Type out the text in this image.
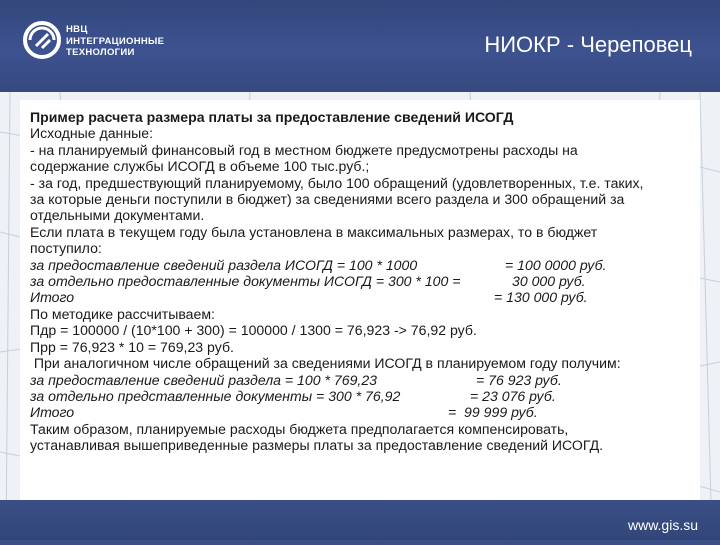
НВЦ
ИНТЕГРАЦИОННЫЕ
ТЕХНОЛОГИИ	НИОКР - Череповец
Пример расчета размера платы за предоставление сведений ИСОГД
Исходные данные:
- на планируемый финансовый год в местном бюджете предусмотрены расходы на
содержание службы ИСОГД в объеме 100 тыс.руб.;
- за год, предшествующий планируемому, было 100 обращений (удовлетворенных, т.е. таких,
за которые деньги поступили в бюджет) за сведениями всего раздела и 300 обращений за
отдельными документами.
Если плата в текущем году была установлена в максимальных размерах, то в бюджет
поступило:
за предоставление сведений раздела ИСОГД = 100 * 1000	= 100 0000 руб.
за отдельно предоставленные документы ИСОГД = 300 * 100 =	30 000 руб.
Итого	= 130 000 руб.
По методике рассчитываем:
Пдр = 100000 / (10*100 + 300) = 100000 / 1300 = 76,923 -> 76,92 руб.
Прр = 76,923 * 10 = 769,23 руб.
При аналогичном числе обращений за сведениями ИСОГД в планируемом году получим:
за предоставление сведений раздела = 100 * 769,23	= 76 923 руб.
за отдельно представленные документы = 300 * 76,92	= 23 076 руб.
Итого	=  99 999 руб.
Таким образом, планируемые расходы бюджета предполагается компенсировать,
устанавливая вышеприведенные размеры платы за предоставление сведений ИСОГД.
www.gis.su
